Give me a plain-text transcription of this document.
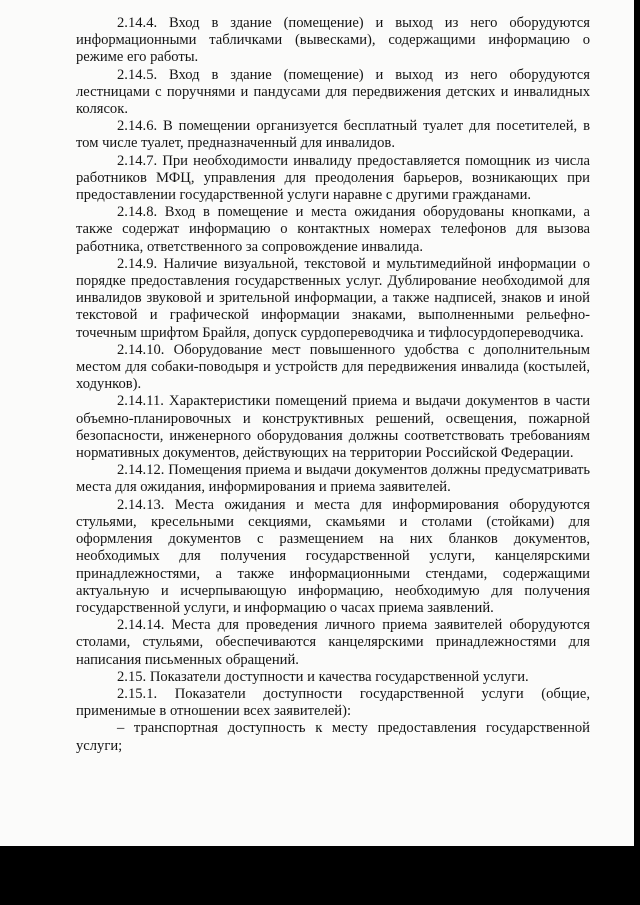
2.14.4. Вход в здание (помещение) и выход из него оборудуются информационными табличками (вывесками), содержащими информацию о режиме его работы.

2.14.5. Вход в здание (помещение) и выход из него оборудуются лестницами с поручнями и пандусами для передвижения детских и инвалидных колясок.

2.14.6. В помещении организуется бесплатный туалет для посетителей, в том числе туалет, предназначенный для инвалидов.

2.14.7. При необходимости инвалиду предоставляется помощник из числа работников МФЦ, управления для преодоления барьеров, возникающих при предоставлении государственной услуги наравне с другими гражданами.

2.14.8. Вход в помещение и места ожидания оборудованы кнопками, а также содержат информацию о контактных номерах телефонов для вызова работника, ответственного за сопровождение инвалида.

2.14.9. Наличие визуальной, текстовой и мультимедийной информации о порядке предоставления государственных услуг. Дублирование необходимой для инвалидов звуковой и зрительной информации, а также надписей, знаков и иной текстовой и графической информации знаками, выполненными рельефно-точечным шрифтом Брайля, допуск сурдопереводчика и тифлосурдопереводчика.

2.14.10. Оборудование мест повышенного удобства с дополнительным местом для собаки-поводыря и устройств для передвижения инвалида (костылей, ходунков).

2.14.11. Характеристики помещений приема и выдачи документов в части объемно-планировочных и конструктивных решений, освещения, пожарной безопасности, инженерного оборудования должны соответствовать требованиям нормативных документов, действующих на территории Российской Федерации.

2.14.12. Помещения приема и выдачи документов должны предусматривать места для ожидания, информирования и приема заявителей.

2.14.13. Места ожидания и места для информирования оборудуются стульями, кресельными секциями, скамьями и столами (стойками) для оформления документов с размещением на них бланков документов, необходимых для получения государственной услуги, канцелярскими принадлежностями, а также информационными стендами, содержащими актуальную и исчерпывающую информацию, необходимую для получения государственной услуги, и информацию о часах приема заявлений.

2.14.14. Места для проведения личного приема заявителей оборудуются столами, стульями, обеспечиваются канцелярскими принадлежностями для написания письменных обращений.

2.15. Показатели доступности и качества государственной услуги.

2.15.1. Показатели доступности государственной услуги (общие, применимые в отношении всех заявителей):

– транспортная доступность к месту предоставления государственной услуги;
